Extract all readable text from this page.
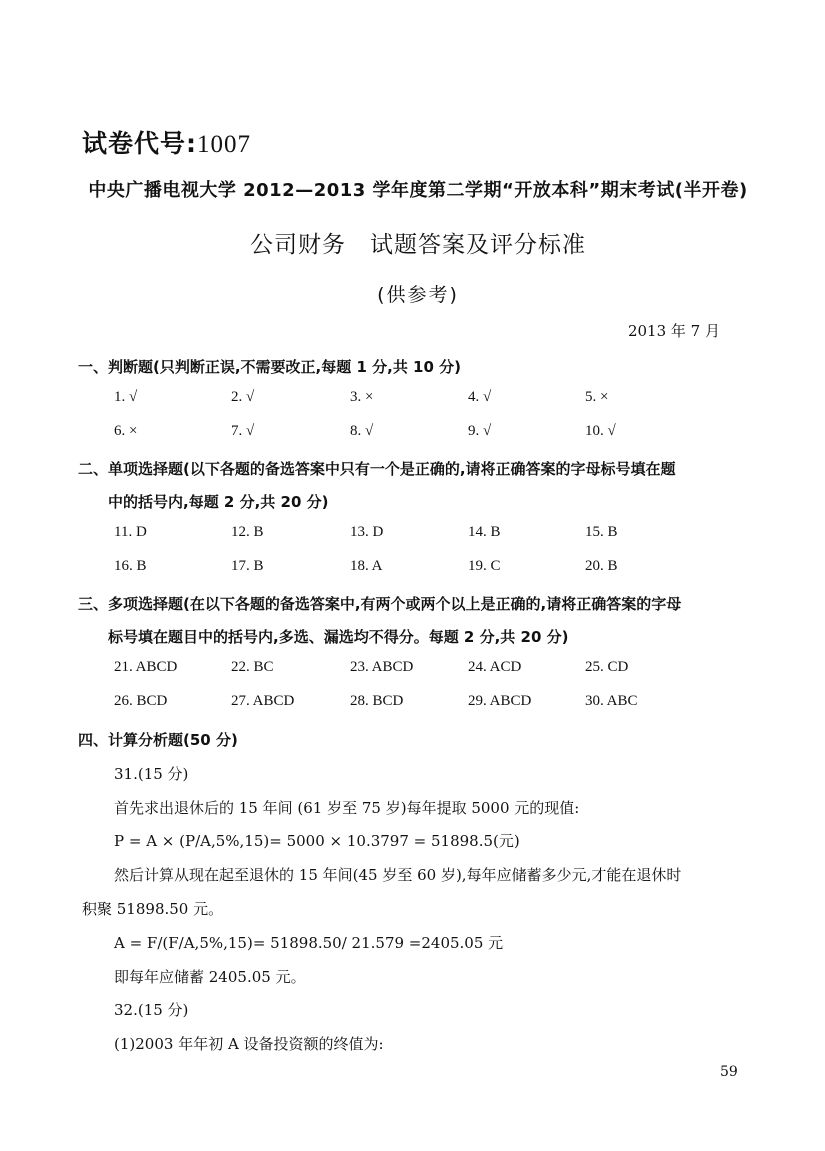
试卷代号:1007
中央广播电视大学 2012—2013 学年度第二学期“开放本科”期末考试(半开卷)
公司财务　试题答案及评分标准
(供参考)
2013 年 7 月
一、判断题(只判断正误,不需要改正,每题 1 分,共 10 分)
1. √	2. √	3. ×	4. √	5. ×
6. ×	7. √	8. √	9. √	10. √
二、单项选择题(以下各题的备选答案中只有一个是正确的,请将正确答案的字母标号填在题
中的括号内,每题 2 分,共 20 分)
11. D	12. B	13. D	14. B	15. B
16. B	17. B	18. A	19. C	20. B
三、多项选择题(在以下各题的备选答案中,有两个或两个以上是正确的,请将正确答案的字母
标号填在题目中的括号内,多选、漏选均不得分。每题 2 分,共 20 分)
21. ABCD	22. BC	23. ABCD	24. ACD	25. CD
26. BCD	27. ABCD	28. BCD	29. ABCD	30. ABC
四、计算分析题(50 分)
31.(15 分)
首先求出退休后的 15 年间 (61 岁至 75 岁)每年提取 5000 元的现值:
P = A × (P/A,5%,15)= 5000 × 10.3797 = 51898.5(元)
然后计算从现在起至退休的 15 年间(45 岁至 60 岁),每年应储蓄多少元,才能在退休时
积聚 51898.50 元。
A = F/(F/A,5%,15)= 51898.50/ 21.579 =2405.05 元
即每年应储蓄 2405.05 元。
32.(15 分)
(1)2003 年年初 A 设备投资额的终值为:
59
